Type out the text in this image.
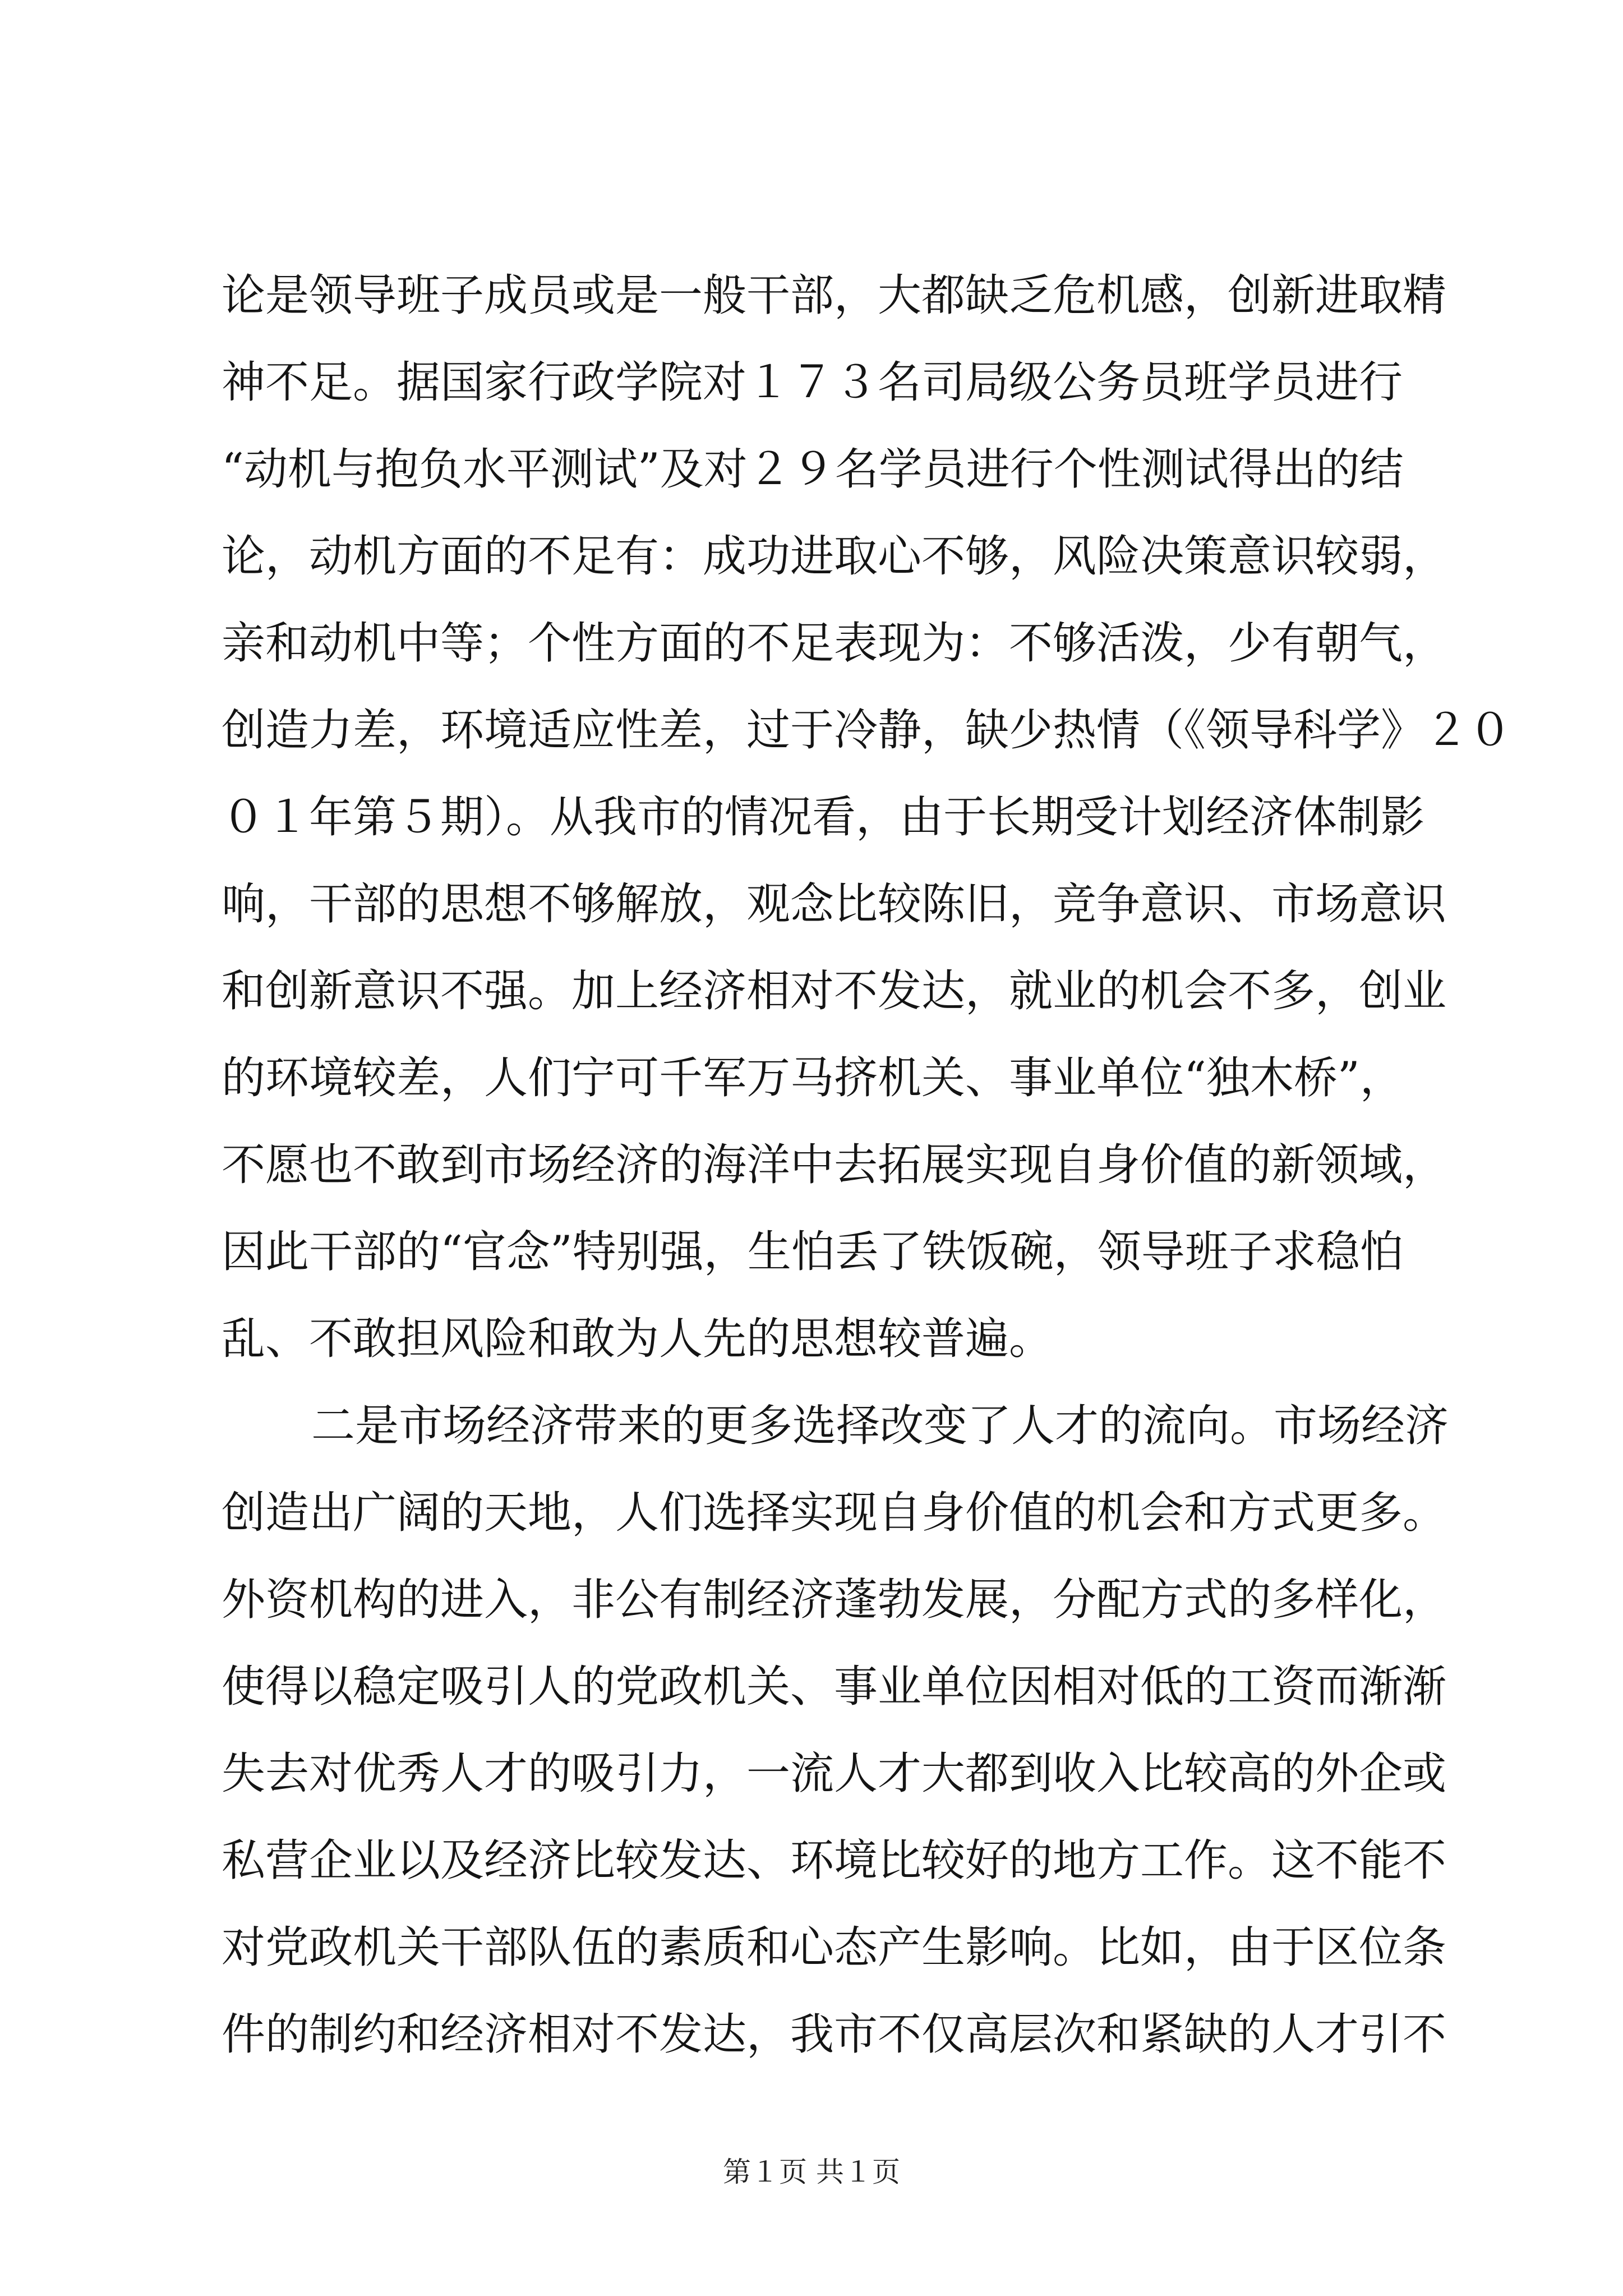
论是领导班子成员或是一般干部，大都缺乏危机感，创新进取精
神不足。据国家行政学院对１７３名司局级公务员班学员进行
“动机与抱负水平测试”及对２９名学员进行个性测试得出的结
论，动机方面的不足有：成功进取心不够，风险决策意识较弱，
亲和动机中等；个性方面的不足表现为：不够活泼，少有朝气，
创造力差，环境适应性差，过于冷静，缺少热情（《领导科学》２０
０１年第５期）。从我市的情况看，由于长期受计划经济体制影
响，干部的思想不够解放，观念比较陈旧，竞争意识、市场意识
和创新意识不强。加上经济相对不发达，就业的机会不多，创业
的环境较差，人们宁可千军万马挤机关、事业单位“独木桥”，
不愿也不敢到市场经济的海洋中去拓展实现自身价值的新领域，
因此干部的“官念”特别强，生怕丢了铁饭碗，领导班子求稳怕
乱、不敢担风险和敢为人先的思想较普遍。
二是市场经济带来的更多选择改变了人才的流向。市场经济
创造出广阔的天地，人们选择实现自身价值的机会和方式更多。
外资机构的进入，非公有制经济蓬勃发展，分配方式的多样化，
使得以稳定吸引人的党政机关、事业单位因相对低的工资而渐渐
失去对优秀人才的吸引力，一流人才大都到收入比较高的外企或
私营企业以及经济比较发达、环境比较好的地方工作。这不能不
对党政机关干部队伍的素质和心态产生影响。比如，由于区位条
件的制约和经济相对不发达，我市不仅高层次和紧缺的人才引不
第１页 共１页
